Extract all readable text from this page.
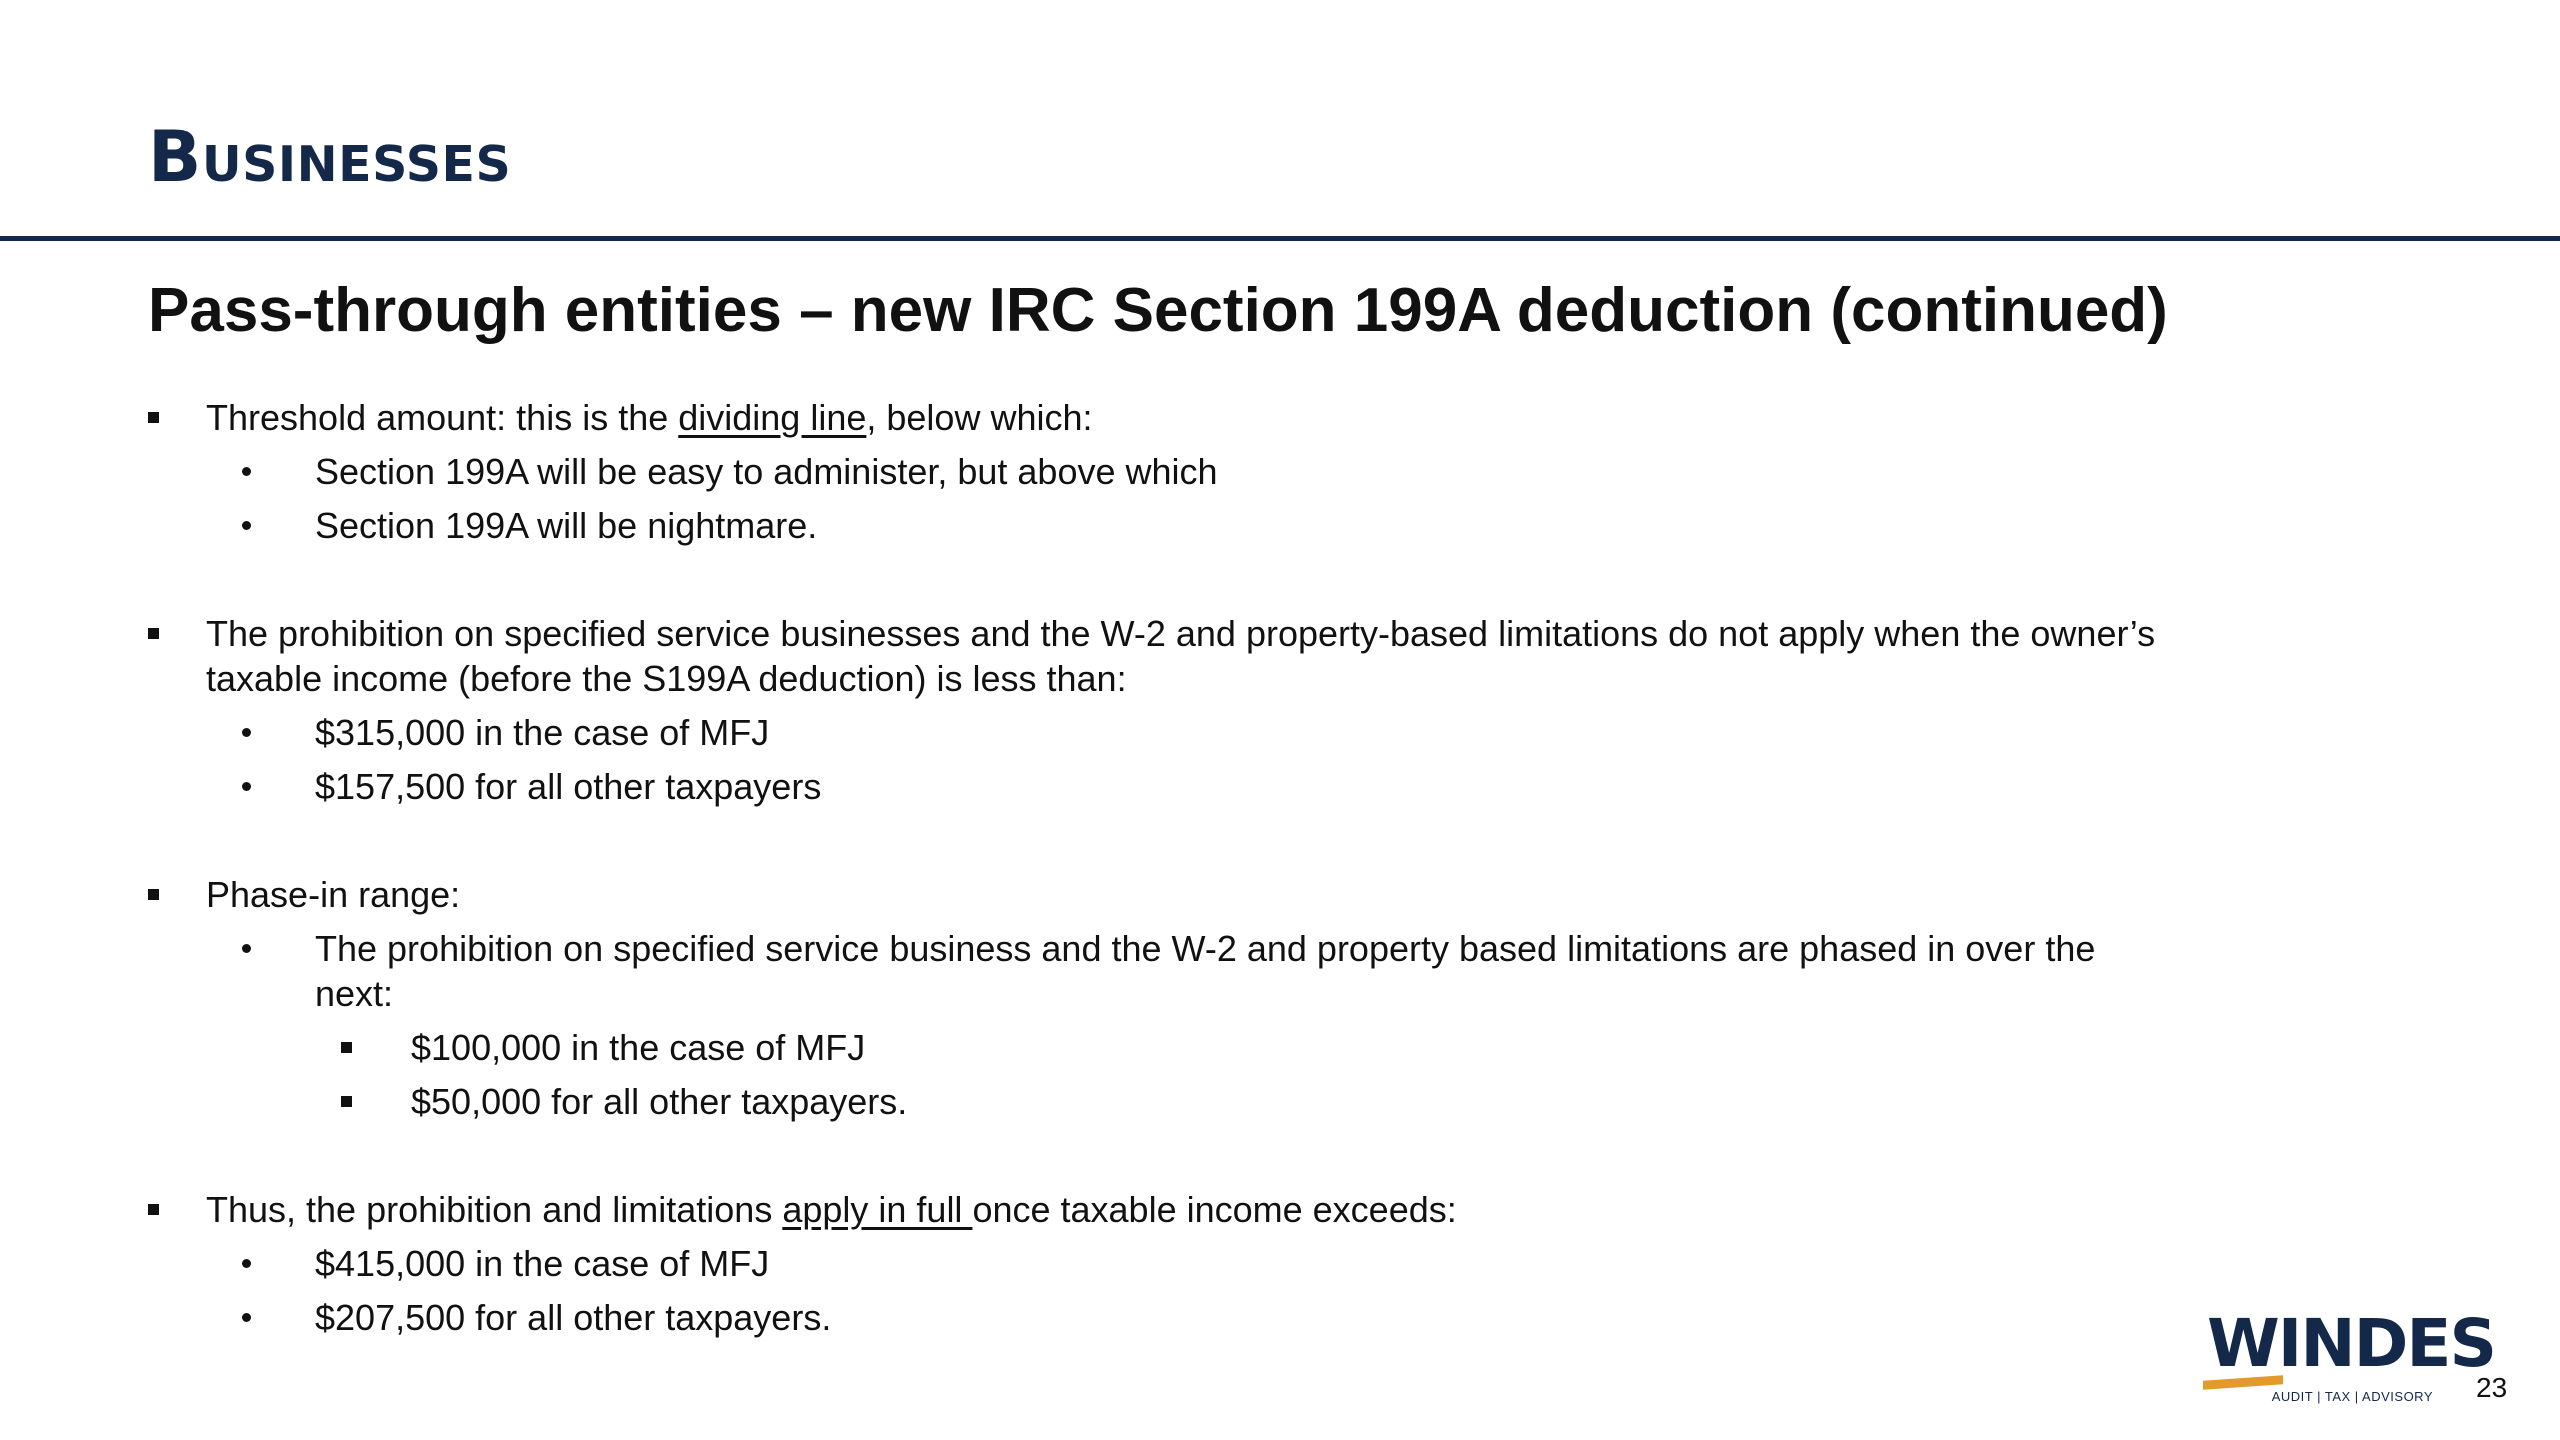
Businesses
Pass-through entities – new IRC Section 199A deduction (continued)
Threshold amount: this is the dividing line, below which:
Section 199A will be easy to administer, but above which
Section 199A will be nightmare.
The prohibition on specified service businesses and the W-2 and property-based limitations do not apply when the owner’s taxable income (before the S199A deduction) is less than:
$315,000 in the case of MFJ
$157,500 for all other taxpayers
Phase-in range:
The prohibition on specified service business and the W-2 and property based limitations are phased in over the next:
$100,000 in the case of MFJ
$50,000 for all other taxpayers.
Thus, the prohibition and limitations apply in full once taxable income exceeds:
$415,000 in the case of MFJ
$207,500 for all other taxpayers.	WINDES
AUDIT | TAX | ADVISORY 23
